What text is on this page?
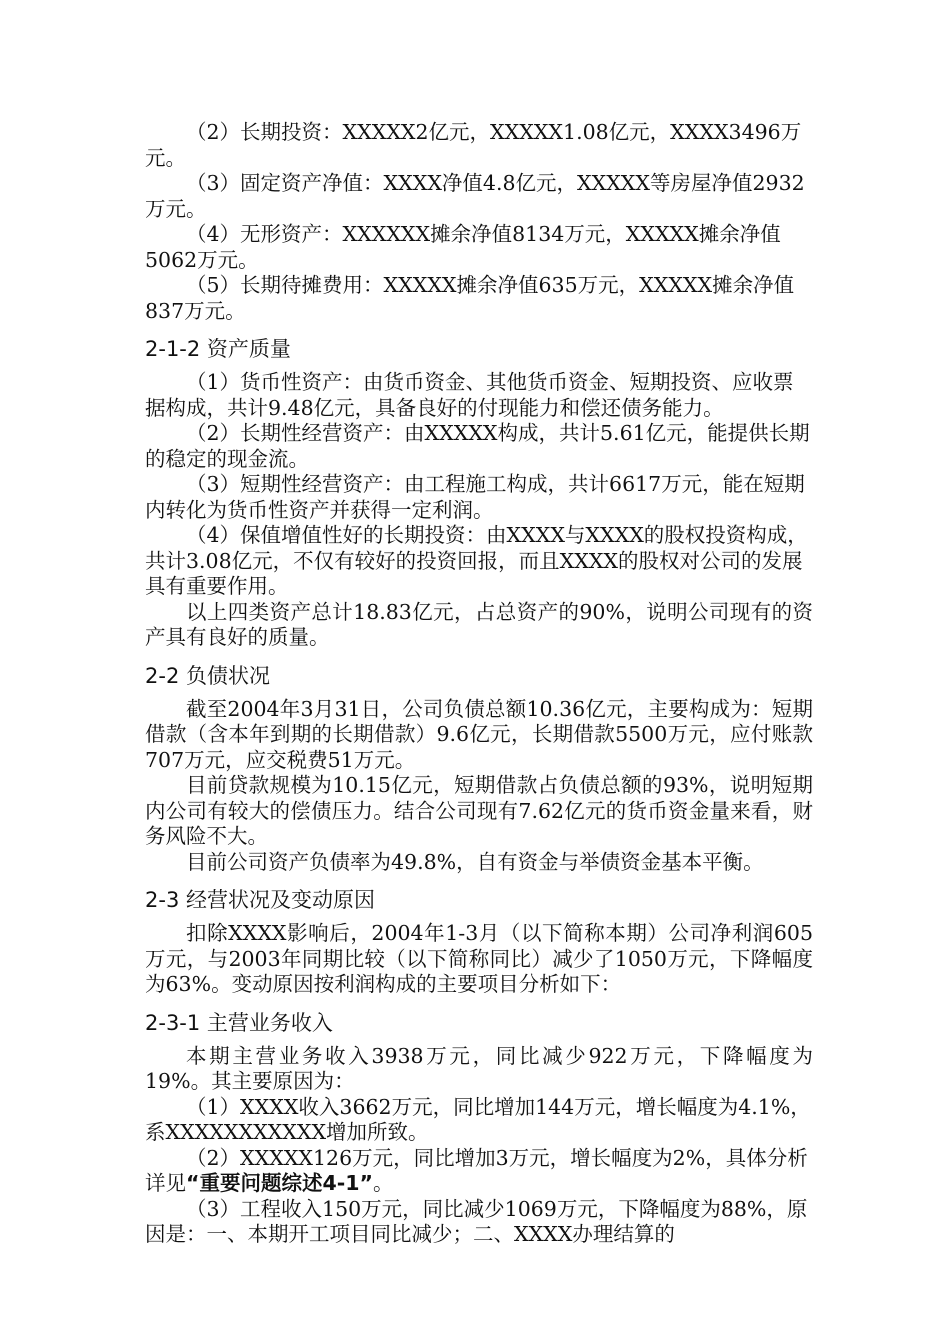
（2）长期投资：XXXXX2亿元，XXXXX1.08亿元，XXXX3496万元。

（3）固定资产净值：XXXX净值4.8亿元，XXXXX等房屋净值2932万元。

（4）无形资产：XXXXXX摊余净值8134万元，XXXXX摊余净值5062万元。

（5）长期待摊费用：XXXXX摊余净值635万元，XXXXX摊余净值837万元。

2-1-2 资产质量

（1）货币性资产：由货币资金、其他货币资金、短期投资、应收票据构成，共计9.48亿元，具备良好的付现能力和偿还债务能力。

（2）长期性经营资产：由XXXXX构成，共计5.61亿元，能提供长期的稳定的现金流。

（3）短期性经营资产：由工程施工构成，共计6617万元，能在短期内转化为货币性资产并获得一定利润。

（4）保值增值性好的长期投资：由XXXX与XXXX的股权投资构成，共计3.08亿元，不仅有较好的投资回报，而且XXXX的股权对公司的发展具有重要作用。

以上四类资产总计18.83亿元，占总资产的90%，说明公司现有的资产具有良好的质量。

2-2 负债状况

截至2004年3月31日，公司负债总额10.36亿元，主要构成为：短期借款（含本年到期的长期借款）9.6亿元，长期借款5500万元，应付账款707万元，应交税费51万元。

目前贷款规模为10.15亿元，短期借款占负债总额的93%，说明短期内公司有较大的偿债压力。结合公司现有7.62亿元的货币资金量来看，财务风险不大。

目前公司资产负债率为49.8%，自有资金与举债资金基本平衡。

2-3 经营状况及变动原因

扣除XXXX影响后，2004年1-3月（以下简称本期）公司净利润605万元，与2003年同期比较（以下简称同比）减少了1050万元，下降幅度为63%。变动原因按利润构成的主要项目分析如下：

2-3-1 主营业务收入

本期主营业务收入3938万元，同比减少922万元，下降幅度为19%。其主要原因为：

（1）XXXX收入3662万元，同比增加144万元，增长幅度为4.1%，系XXXXXXXXXXX增加所致。

（2）XXXXX126万元，同比增加3万元，增长幅度为2%，具体分析详见“重要问题综述4-1”。

（3）工程收入150万元，同比减少1069万元，下降幅度为88%，原因是：一、本期开工项目同比减少；二、XXXX办理结算的
